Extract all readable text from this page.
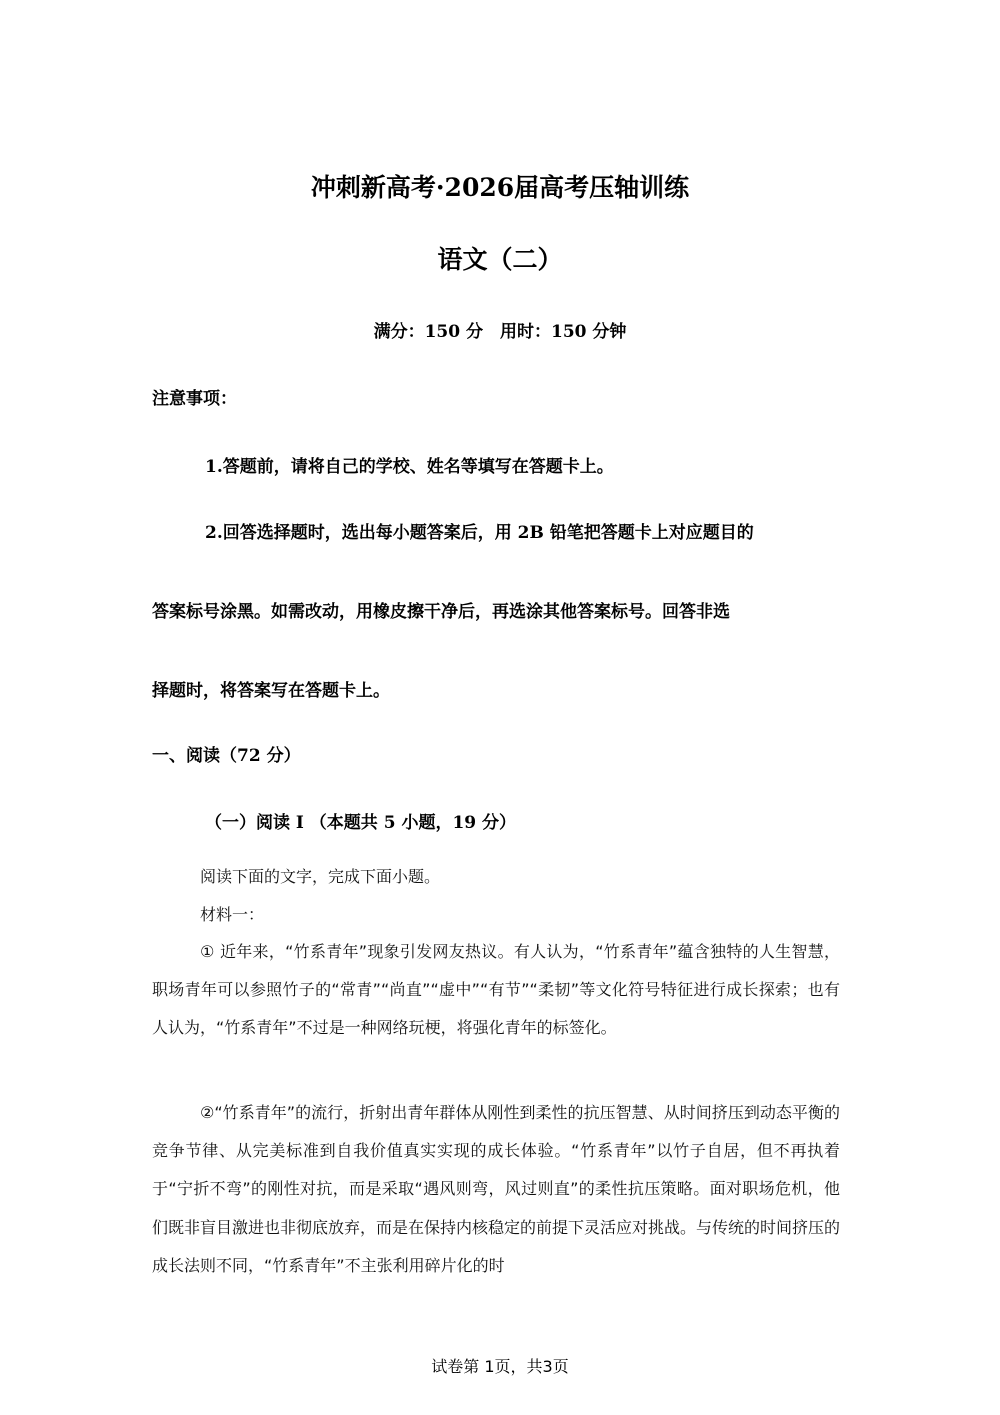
冲刺新高考·2026届高考压轴训练
语文（二）
满分：150 分　用时：150 分钟
注意事项：
1.答题前，请将自己的学校、姓名等填写在答题卡上。
2.回答选择题时，选出每小题答案后，用 2B 铅笔把答题卡上对应题目的
答案标号涂黑。如需改动，用橡皮擦干净后，再选涂其他答案标号。回答非选
择题时，将答案写在答题卡上。
一、阅读（72 分）
（一）阅读 I （本题共 5 小题，19 分）
阅读下面的文字，完成下面小题。
材料一：

① 近年来，“竹系青年”现象引发网友热议。有人认为，“竹系青年”蕴含独特的人生智慧，职场青年可以参照竹子的“常青”“尚直”“虚中”“有节”“柔韧”等文化符号特征进行成长探索；也有人认为，“竹系青年”不过是一种网络玩梗，将强化青年的标签化。

②“竹系青年”的流行，折射出青年群体从刚性到柔性的抗压智慧、从时间挤压到动态平衡的竞争节律、从完美标准到自我价值真实实现的成长体验。“竹系青年”以竹子自居，但不再执着于“宁折不弯”的刚性对抗，而是采取“遇风则弯，风过则直”的柔性抗压策略。面对职场危机，他们既非盲目激进也非彻底放弃，而是在保持内核稳定的前提下灵活应对挑战。与传统的时间挤压的成长法则不同，“竹系青年”不主张利用碎片化的时

试卷第 1页，共3页
